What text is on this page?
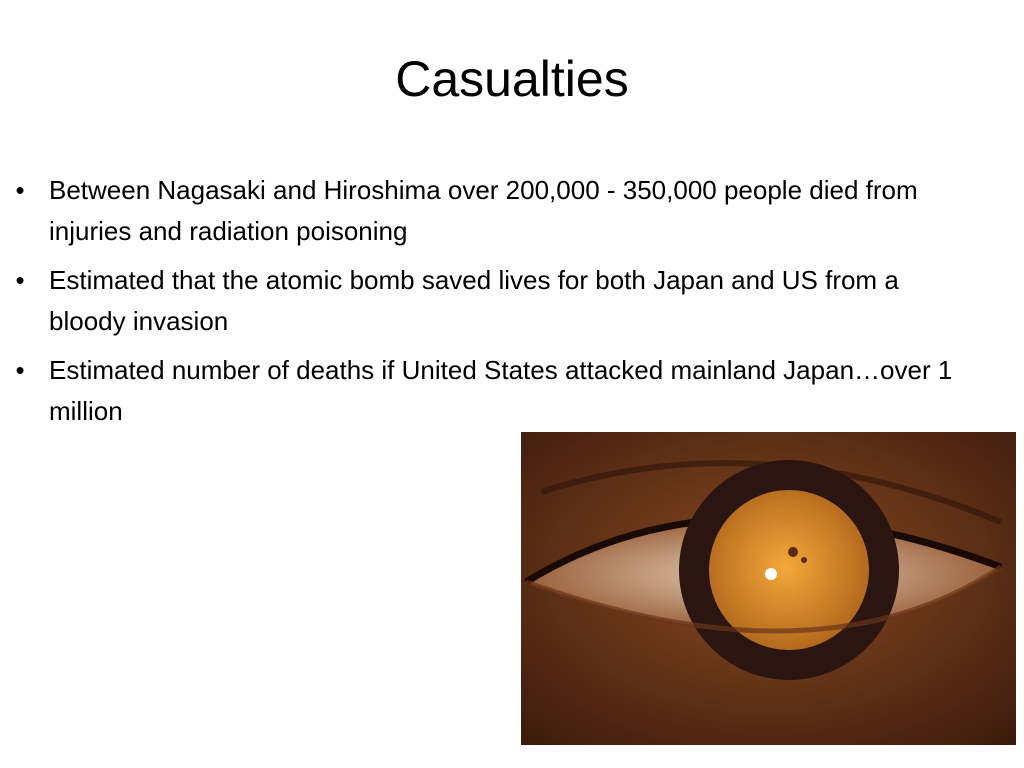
Casualties
• Between Nagasaki and Hiroshima over 200,000 - 350,000 people died from injuries and radiation poisoning
• Estimated that the atomic bomb saved lives for both Japan and US from a bloody invasion
• Estimated number of deaths if United States attacked mainland Japan…over 1 million
